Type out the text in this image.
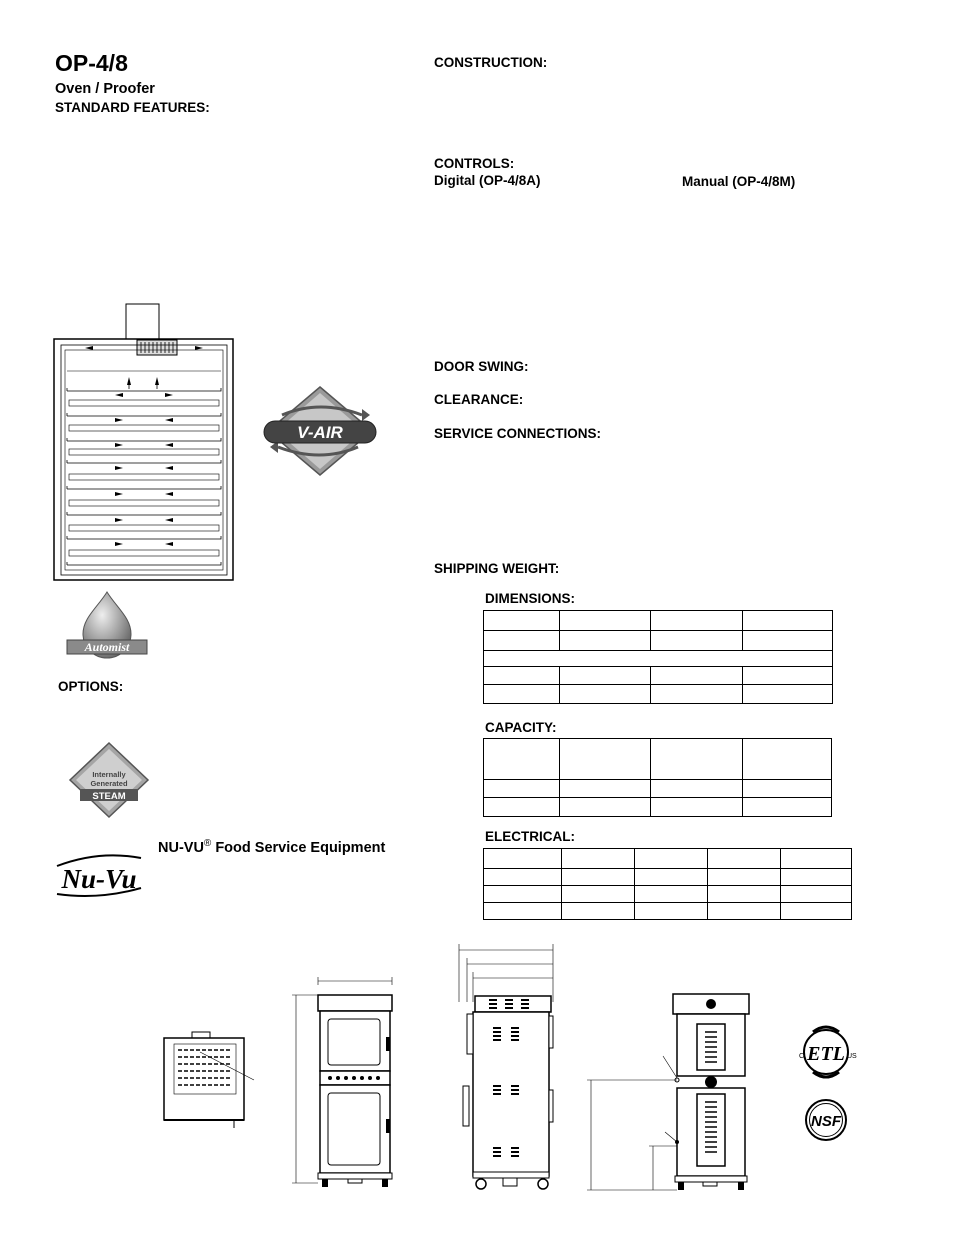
OP-4/8
Oven / Proofer
STANDARD FEATURES:
CONSTRUCTION:
CONTROLS:
Digital (OP-4/8A)	Manual (OP-4/8M)
DOOR SWING:
CLEARANCE:
SERVICE CONNECTIONS:
SHIPPING WEIGHT:
DIMENSIONS:

CAPACITY:

ELECTRICAL:

OPTIONS:
V-AIR
Automist
Internally
Generated
STEAM
Nu-Vu
NU-VU® Food Service Equipment
ETL
C	US
NSF
